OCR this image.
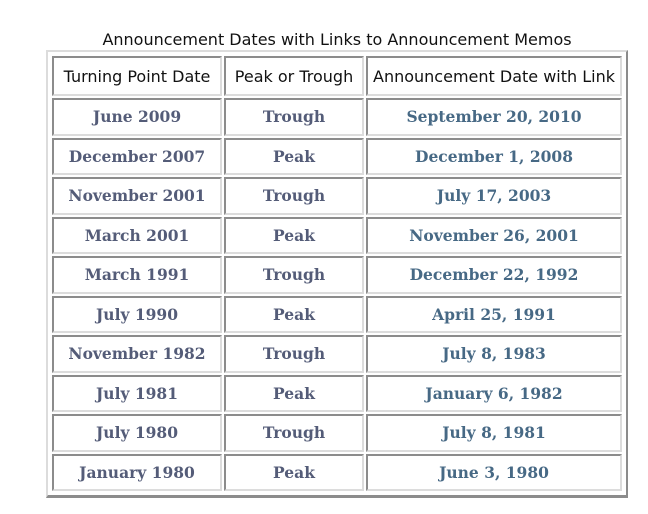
Announcement Dates with Links to Announcement Memos
Turning Point Date	Peak or Trough	Announcement Date with Link
June 2009	Trough	September 20, 2010
December 2007	Peak	December 1, 2008
November 2001	Trough	July 17, 2003
March 2001	Peak	November 26, 2001
March 1991	Trough	December 22, 1992
July 1990	Peak	April 25, 1991
November 1982	Trough	July 8, 1983
July 1981	Peak	January 6, 1982
July 1980	Trough	July 8, 1981
January 1980	Peak	June 3, 1980
